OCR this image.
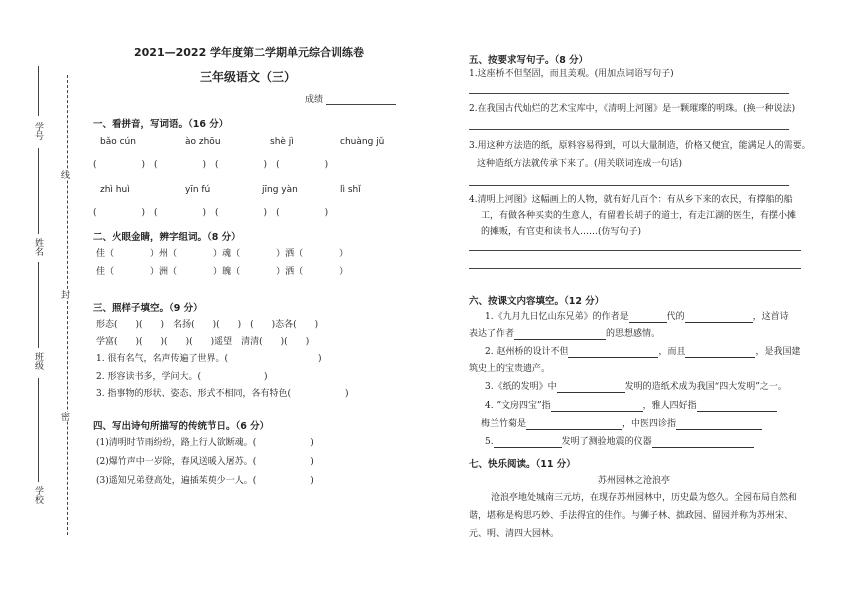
学号
姓名
班级
学校
线
封
密
2021—2022 学年度第二学期单元综合训练卷
三年级语文（三）
成绩
一、看拼音，写词语。（16 分）
bǎo cún	ào zhōu	shè jì	chuàng jǔ
(　　　　　)　(　　　　　)　(　　　　　)　(　　　　　)
zhì huì	yīn fú	jīng yàn	lì shǐ
(　　　　　)　(　　　　　)　(　　　　　)　(　　　　　)
二、火眼金睛，辨字组词。（8 分）
佳（　　　　）州（　　　　）魂（　　　　）洒（　　　　）
佳（　　　　）洲（　　　　）魄（　　　　）洒（　　　　）
三、照样子填空。（9 分）
形态(　　)(　　)　名扬(　　)(　　)　(　　)态各(　　)
学富(　　)(　　)(　　)(　　)遥望　 清清(　　)(　　)
1. 很有名气，名声传遍了世界。(　　　　　　　　　　)
2. 形容读书多，学问大。(　　　　　　　)
3. 指事物的形状、姿态、形式不相同，各有特色(　　　　　　)
四、写出诗句所描写的传统节日。（6 分）
(1)清明时节雨纷纷，路上行人欲断魂。(　　　　　　)
(2)爆竹声中一岁除，春风送暖入屠苏。(　　　　　　)
(3)遥知兄弟登高处，遍插茱萸少一人。(　　　　　　)
五、按要求写句子。（8 分）
1.这座桥不但坚固，而且美观。(用加点词语写句子)
2.在我国古代灿烂的艺术宝库中，《清明上河图》是一颗璀璨的明珠。(换一种说法)
3.用这种方法造的纸，原料容易得到，可以大量制造，价格又便宜，能满足人的需要。
这种造纸方法就传承下来了。(用关联词连成一句话)
4.清明上河图》这幅画上的人物，就有好几百个：有从乡下来的农民，有撑船的船
工，有做各种买卖的生意人，有留着长胡子的道士，有走江湖的医生，有摆小摊
的摊贩，有官吏和读书人……(仿写句子)
六、按课文内容填空。（12 分）
1.《九月九日忆山东兄弟》的作者是	代的	，这首诗
表达了作者	的思想感情。
2. 赵州桥的设计不但	，而且	，是我国建
筑史上的宝贵遗产。
3.《纸的发明》中	发明的造纸术成为我国“四大发明”之一。
4. ”文房四宝”指	，雅人四好指
梅兰竹菊是	，中医四诊指
5.	发明了测验地震的仪器
七、快乐阅读。（11 分）
苏州园林之沧浪亭
沧浪亭地处城南三元坊，在现存苏州园林中，历史最为悠久。全园布局自然和
谐，堪称是构思巧妙、手法得宜的佳作。与狮子林、拙政园、留园并称为苏州宋、
元、明、清四大园林。
